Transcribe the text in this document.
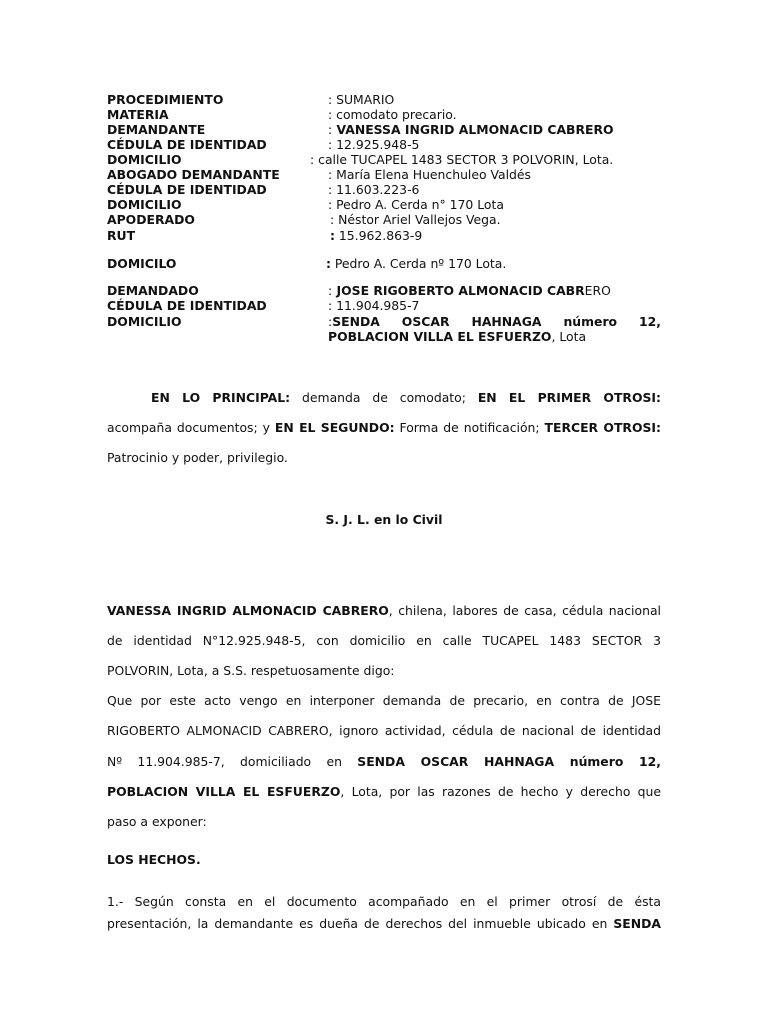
PROCEDIMIENTO	: SUMARIO
MATERIA	: comodato precario.
DEMANDANTE	: VANESSA INGRID ALMONACID CABRERO
CÉDULA DE IDENTIDAD	: 12.925.948-5
DOMICILIO	: calle TUCAPEL 1483 SECTOR 3 POLVORIN, Lota.
ABOGADO DEMANDANTE	: María Elena Huenchuleo Valdés
CÉDULA DE IDENTIDAD	: 11.603.223-6
DOMICILIO	: Pedro A. Cerda n° 170 Lota
APODERADO	: Néstor Ariel Vallejos Vega.
RUT	: 15.962.863-9
DOMICILO	: Pedro A. Cerda nº 170 Lota.
DEMANDADO	: JOSE RIGOBERTO ALMONACID CABRERO
CÉDULA DE IDENTIDAD	: 11.904.985-7
DOMICILIO	:SENDA OSCAR HAHNAGA número 12,
POBLACION VILLA EL ESFUERZO, Lota
EN LO PRINCIPAL: demanda de comodato; EN EL PRIMER OTROSI:
acompaña documentos; y EN EL SEGUNDO: Forma de notificación; TERCER OTROSI:
Patrocinio y poder, privilegio.
S. J. L. en lo Civil
VANESSA INGRID ALMONACID CABRERO, chilena, labores de casa, cédula nacional
de identidad N°12.925.948-5, con domicilio en calle TUCAPEL 1483 SECTOR 3
POLVORIN, Lota, a S.S. respetuosamente digo:
Que por este acto vengo en interponer demanda de precario, en contra de JOSE
RIGOBERTO ALMONACID CABRERO, ignoro actividad, cédula de nacional de identidad
Nº 11.904.985-7, domiciliado en SENDA OSCAR HAHNAGA número 12,
POBLACION VILLA EL ESFUERZO, Lota, por las razones de hecho y derecho que
paso a exponer:
LOS HECHOS.
1.- Según consta en el documento acompañado en el primer otrosí de ésta
presentación, la demandante es dueña de derechos del inmueble ubicado en SENDA
